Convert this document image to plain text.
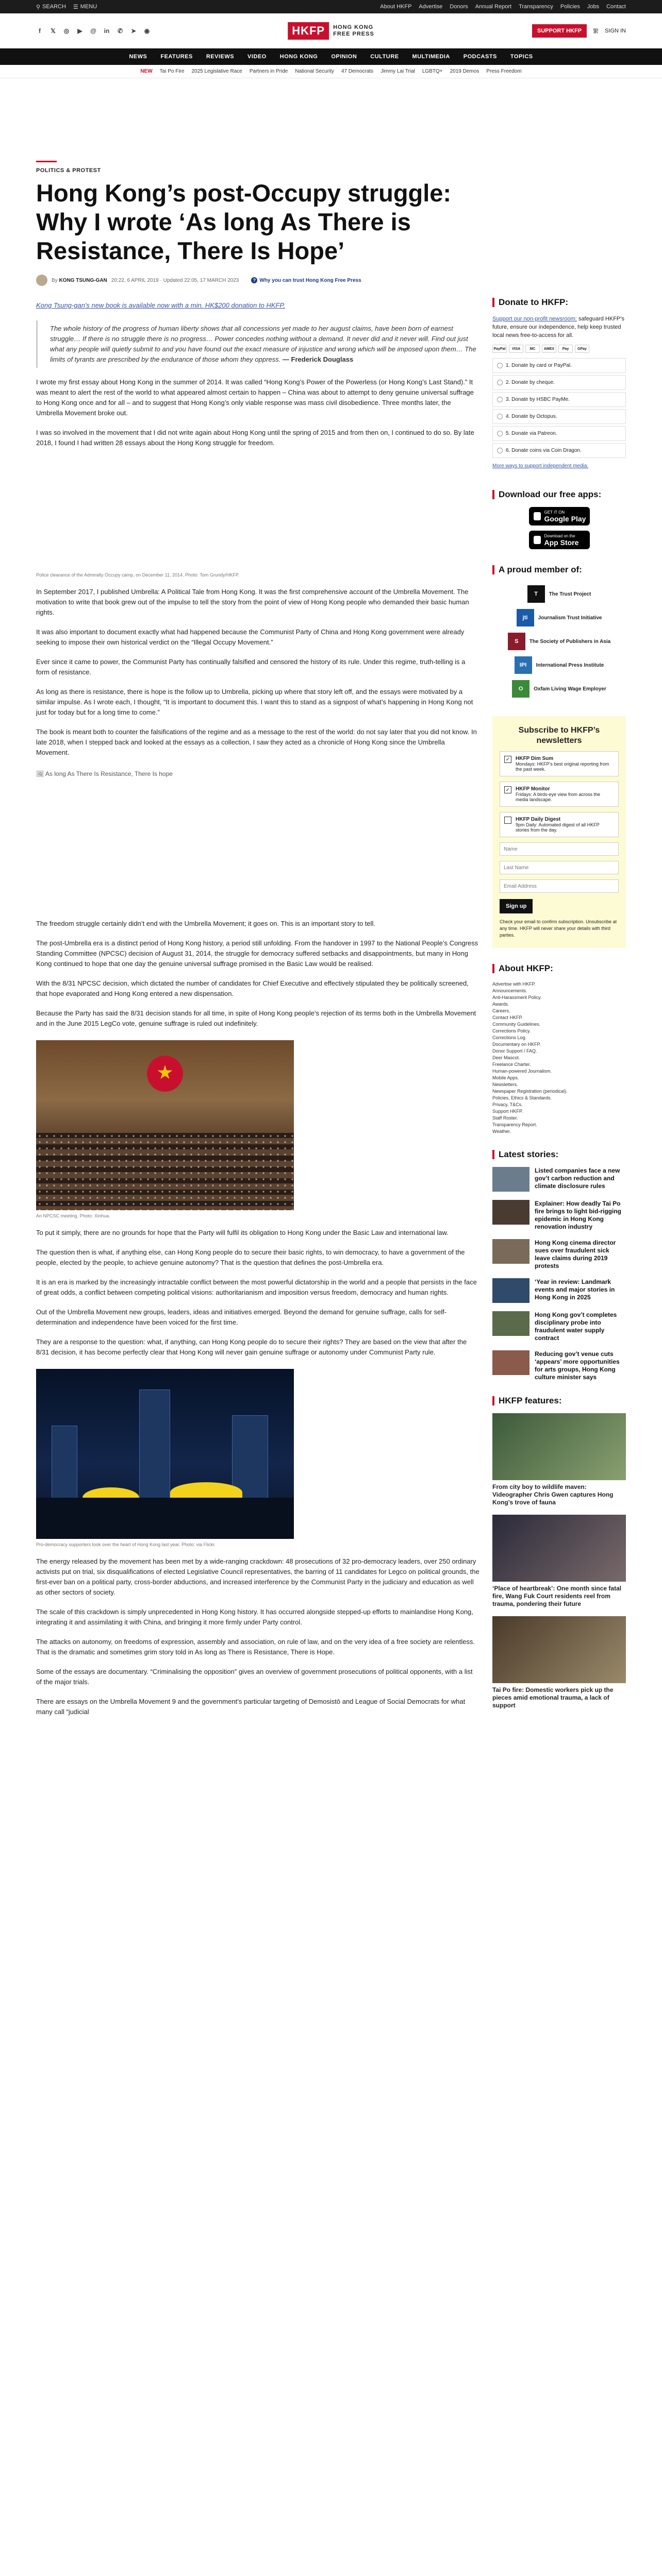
⚲ SEARCH ☰ MENU	About HKFP Advertise Donors Annual Report Transparency Policies Jobs Contact
f	𝕏 ◎ ▶ @ in ✆ ➤ ◉	HKFP	HONG KONG
FREE PRESS	SUPPORT HKFP	繁 SIGN IN
NEWS FEATURES REVIEWS VIDEO HONG KONG OPINION CULTURE MULTIMEDIA PODCASTS TOPICS
NEW Tai Po Fire 2025 Legislative Race Partners in Pride National Security 47 Democrats Jimmy Lai Trial LGBTQ+ 2019 Demos Press Freedom
POLITICS & PROTEST
Hong Kong’s post-Occupy struggle: Why I wrote ‘As long As There is Resistance, There Is Hope’
By KONG TSUNG-GAN 20:22, 6 APRIL 2019 · Updated 22:05, 17 MARCH 2023	? Why you can trust Hong Kong Free Press
Kong Tsung-gan's new book is available now with a min. HK$200 donation to HKFP.
The whole history of the progress of human liberty shows that all concessions yet made to her august claims, have been born of earnest struggle… If there is no struggle there is no progress… Power concedes nothing without a demand. It never did and it never will. Find out just what any people will quietly submit to and you have found out the exact measure of injustice and wrong which will be imposed upon them… The limits of tyrants are prescribed by the endurance of those whom they oppress. — Frederick Douglass

I wrote my first essay about Hong Kong in the summer of 2014. It was called “Hong Kong’s Power of the Powerless (or Hong Kong’s Last Stand).” It was meant to alert the rest of the world to what appeared almost certain to happen – China was about to attempt to deny genuine universal suffrage to Hong Kong once and for all – and to suggest that Hong Kong’s only viable response was mass civil disobedience. Three months later, the Umbrella Movement broke out.

I was so involved in the movement that I did not write again about Hong Kong until the spring of 2015 and from then on, I continued to do so. By late 2018, I found I had written 28 essays about the Hong Kong struggle for freedom.

Police clearance of the Admiralty Occupy camp, on December 11, 2014. Photo: Tom Grundy/HKFP.

In September 2017, I published Umbrella: A Political Tale from Hong Kong. It was the first comprehensive account of the Umbrella Movement. The motivation to write that book grew out of the impulse to tell the story from the point of view of Hong Kong people who demanded their basic human rights.

It was also important to document exactly what had happened because the Communist Party of China and Hong Kong government were already seeking to impose their own historical verdict on the “Illegal Occupy Movement.”

Ever since it came to power, the Communist Party has continually falsified and censored the history of its rule. Under this regime, truth-telling is a form of resistance.

As long as there is resistance, there is hope is the follow up to Umbrella, picking up where that story left off, and the essays were motivated by a similar impulse. As I wrote each, I thought, “It is important to document this. I want this to stand as a signpost of what’s happening in Hong Kong not just for today but for a long time to come.”

The book is meant both to counter the falsifications of the regime and as a message to the rest of the world: do not say later that you did not know. In late 2018, when I stepped back and looked at the essays as a collection, I saw they acted as a chronicle of Hong Kong since the Umbrella Movement.

🖼 As long As There Is Resistance, There Is hope

The freedom struggle certainly didn’t end with the Umbrella Movement; it goes on. This is an important story to tell.

The post-Umbrella era is a distinct period of Hong Kong history, a period still unfolding. From the handover in 1997 to the National People’s Congress Standing Committee (NPCSC) decision of August 31, 2014, the struggle for democracy suffered setbacks and disappointments, but many in Hong Kong continued to hope that one day the genuine universal suffrage promised in the Basic Law would be realised.

With the 8/31 NPCSC decision, which dictated the number of candidates for Chief Executive and effectively stipulated they be politically screened, that hope evaporated and Hong Kong entered a new dispensation.

Because the Party has said the 8/31 decision stands for all time, in spite of Hong Kong people’s rejection of its terms both in the Umbrella Movement and in the June 2015 LegCo vote, genuine suffrage is ruled out indefinitely.

An NPCSC meeting. Photo: Xinhua.

To put it simply, there are no grounds for hope that the Party will fulfil its obligation to Hong Kong under the Basic Law and international law.

The question then is what, if anything else, can Hong Kong people do to secure their basic rights, to win democracy, to have a government of the people, elected by the people, to achieve genuine autonomy? That is the question that defines the post-Umbrella era.

It is an era is marked by the increasingly intractable conflict between the most powerful dictatorship in the world and a people that persists in the face of great odds, a conflict between competing political visions: authoritarianism and imposition versus freedom, democracy and human rights.

Out of the Umbrella Movement new groups, leaders, ideas and initiatives emerged. Beyond the demand for genuine suffrage, calls for self-determination and independence have been voiced for the first time.

They are a response to the question: what, if anything, can Hong Kong people do to secure their rights? They are based on the view that after the 8/31 decision, it has become perfectly clear that Hong Kong will never gain genuine suffrage or autonomy under Communist Party rule.

Pro-democracy supporters took over the heart of Hong Kong last year. Photo: via Flickr.

The energy released by the movement has been met by a wide-ranging crackdown: 48 prosecutions of 32 pro-democracy leaders, over 250 ordinary activists put on trial, six disqualifications of elected Legislative Council representatives, the barring of 11 candidates for Legco on political grounds, the first-ever ban on a political party, cross-border abductions, and increased interference by the Communist Party in the judiciary and education as well as other sectors of society.

The scale of this crackdown is simply unprecedented in Hong Kong history. It has occurred alongside stepped-up efforts to mainlandise Hong Kong, integrating it and assimilating it with China, and bringing it more firmly under Party control.

The attacks on autonomy, on freedoms of expression, assembly and association, on rule of law, and on the very idea of a free society are relentless. That is the dramatic and sometimes grim story told in As long as There is Resistance, There is Hope.

Some of the essays are documentary. “Criminalising the opposition” gives an overview of government prosecutions of political opponents, with a list of the major trials.

There are essays on the Umbrella Movement 9 and the government’s particular targeting of Demosistō and League of Social Democrats for what many call “judicial

Donate to HKFP:

Support our non-profit newsroom: safeguard HKFP’s future, ensure our independence, help keep trusted local news free-to-access for all.

PayPal	VISA	MC	AMEX	Pay	GPay
1. Donate by card or PayPal.
2. Donate by cheque.
3. Donate by HSBC PayMe.
4. Donate by Octopus.
5. Donate via Patreon.
6. Donate coins via Coin Dragon.
More ways to support independent media.
Download our free apps:
GET IT ON
Google Play
Download on the
App Store
A proud member of:
T	The Trust Project
jti	Journalism Trust Initiative
S	The Society of Publishers in Asia
IPI	International Press Institute
O	Oxfam Living Wage Employer
Subscribe to HKFP’s newsletters
✓ HKFP Dim Sum
Mondays: HKFP’s best original reporting from the past week.
✓ HKFP Monitor
Fridays: A birds-eye view from across the media landscape.
HKFP Daily Digest
9pm Daily: Automated digest of all HKFP stories from the day.
Name
Last Name
Email Address
Sign up

Check your email to confirm subscription. Unsubscribe at any time. HKFP will never share your details with third parties.

About HKFP:
Advertise with HKFP.
Announcements.
Anti-Harassment Policy.
Awards.
Careers.
Contact HKFP.
Community Guidelines.
Corrections Policy.
Corrections Log.
Documentary on HKFP.
Donor Support / FAQ.
Deer Mascot.
Freelance Charter.
Human-powered Journalism.
Mobile Apps.
Newsletters.
Newspaper Registration (periodical).
Policies, Ethics & Standards.
Privacy, T&Cs.
Support HKFP.
Staff Roster.
Transparency Report.
Weather.
Latest stories:
Listed companies face a new gov’t carbon reduction and climate disclosure rules
Explainer: How deadly Tai Po fire brings to light bid-rigging epidemic in Hong Kong renovation industry
Hong Kong cinema director sues over fraudulent sick leave claims during 2019 protests
‘Year in review: Landmark events and major stories in Hong Kong in 2025
Hong Kong gov’t completes disciplinary probe into fraudulent water supply contract
Reducing gov’t venue cuts ‘appears’ more opportunities for arts groups, Hong Kong culture minister says
HKFP features:
From city boy to wildlife maven: Videographer Chris Gwen captures Hong Kong’s trove of fauna
‘Place of heartbreak’: One month since fatal fire, Wang Fuk Court residents reel from trauma, pondering their future
Tai Po fire: Domestic workers pick up the pieces amid emotional trauma, a lack of support
